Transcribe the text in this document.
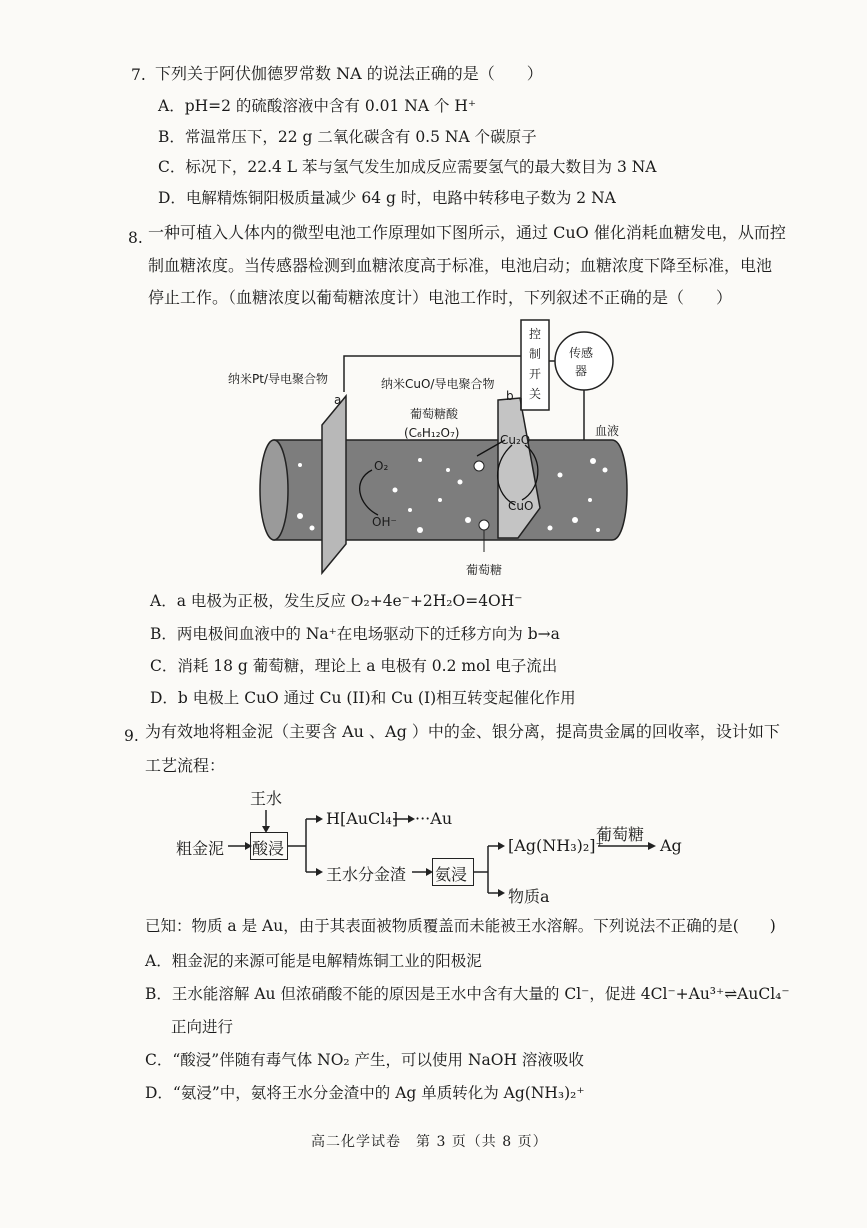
7. 下列关于阿伏伽德罗常数 NA 的说法正确的是（　　）
A．pH=2 的硫酸溶液中含有 0.01 NA 个 H⁺
B．常温常压下，22 g 二氧化碳含有 0.5 NA 个碳原子
C．标况下，22.4 L 苯与氢气发生加成反应需要氢气的最大数目为 3 NA
D．电解精炼铜阳极质量减少 64 g 时，电路中转移电子数为 2 NA
8. 一种可植入人体内的微型电池工作原理如下图所示，通过 CuO 催化消耗血糖发电，从而控
制血糖浓度。当传感器检测到血糖浓度高于标准，电池启动；血糖浓度下降至标准，电池
停止工作。（血糖浓度以葡萄糖浓度计）电池工作时，下列叙述不正确的是（　　）
纳米Pt/导电聚合物
a
纳米CuO/导电聚合物
b
控
制
开
关
传感
器
葡萄糖酸
(C₆H₁₂O₇)	Cu₂O
CuO
O₂
OH⁻
血液
葡萄糖
A．a 电极为正极，发生反应 O₂+4e⁻+2H₂O=4OH⁻
B．两电极间血液中的 Na⁺在电场驱动下的迁移方向为 b→a
C．消耗 18 g 葡萄糖，理论上 a 电极有 0.2 mol 电子流出
D．b 电极上 CuO 通过 Cu (II)和 Cu (I)相互转变起催化作用
9. 为有效地将粗金泥（主要含 Au 、Ag ）中的金、银分离，提高贵金属的回收率，设计如下
工艺流程：
王水
粗金泥 酸浸
H[AuCl₄] ···Au
王水分金渣 氨浸
[Ag(NH₃)₂]⁺
葡萄糖
Ag
物质a
已知：物质 a 是 Au，由于其表面被物质覆盖而未能被王水溶解。下列说法不正确的是(　　)
A．粗金泥的来源可能是电解精炼铜工业的阳极泥
B．王水能溶解 Au 但浓硝酸不能的原因是王水中含有大量的 Cl⁻，促进 4Cl⁻+Au³⁺⇌AuCl₄⁻
正向进行
C．“酸浸”伴随有毒气体 NO₂ 产生，可以使用 NaOH 溶液吸收
D．“氨浸”中，氨将王水分金渣中的 Ag 单质转化为 Ag(NH₃)₂⁺
高二化学试卷　第 3 页（共 8 页）
